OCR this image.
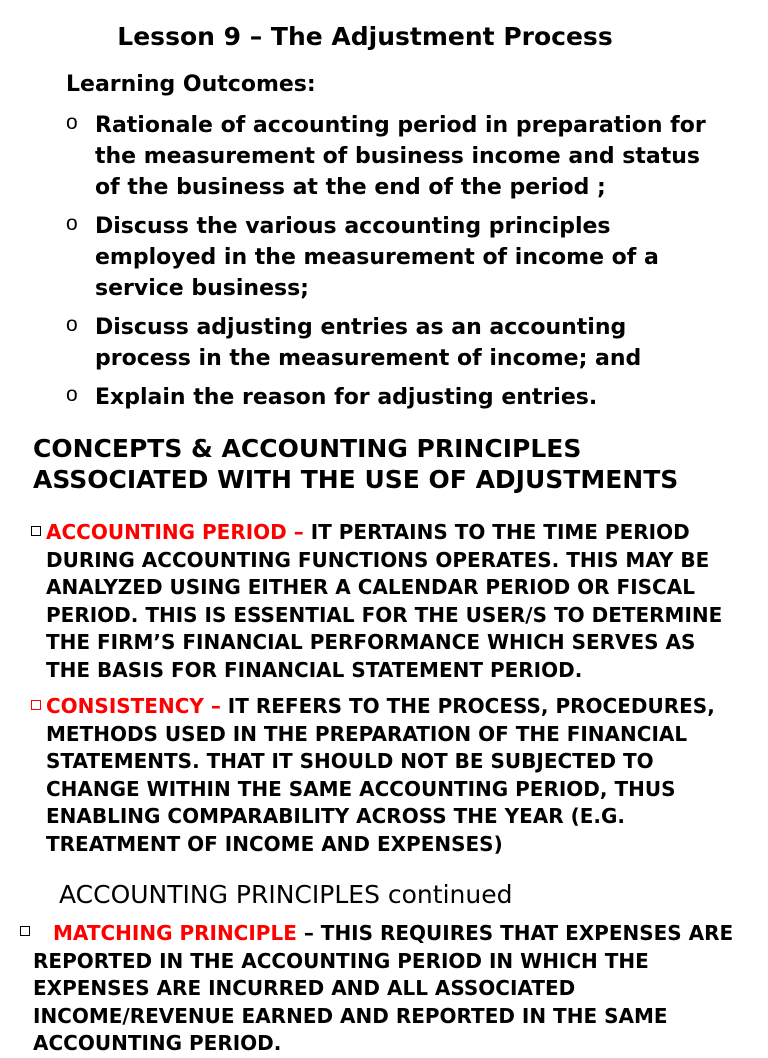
Lesson 9 – The Adjustment Process
Learning Outcomes:
o Rationale of accounting period in preparation for the measurement of business income and status of the business at the end of the period ;
o Discuss the various accounting principles employed in the measurement of income of a service business;
o Discuss adjusting entries as an accounting process in the measurement of income; and
o Explain the reason for adjusting entries.
CONCEPTS & ACCOUNTING PRINCIPLES ASSOCIATED WITH THE USE OF ADJUSTMENTS
ACCOUNTING PERIOD – IT PERTAINS TO THE TIME PERIOD DURING ACCOUNTING FUNCTIONS OPERATES. THIS MAY BE ANALYZED USING EITHER A CALENDAR PERIOD OR FISCAL PERIOD. THIS IS ESSENTIAL FOR THE USER/S TO DETERMINE THE FIRM’S FINANCIAL PERFORMANCE WHICH SERVES AS THE BASIS FOR FINANCIAL STATEMENT PERIOD.
CONSISTENCY – IT REFERS TO THE PROCESS, PROCEDURES, METHODS USED IN THE PREPARATION OF THE FINANCIAL STATEMENTS. THAT IT SHOULD NOT BE SUBJECTED TO CHANGE WITHIN THE SAME ACCOUNTING PERIOD, THUS ENABLING COMPARABILITY ACROSS THE YEAR (E.G. TREATMENT OF INCOME AND EXPENSES)
ACCOUNTING PRINCIPLES continued
MATCHING PRINCIPLE – THIS REQUIRES THAT EXPENSES ARE REPORTED IN THE ACCOUNTING PERIOD IN WHICH THE EXPENSES ARE INCURRED AND ALL ASSOCIATED INCOME/REVENUE EARNED AND REPORTED IN THE SAME ACCOUNTING PERIOD.
